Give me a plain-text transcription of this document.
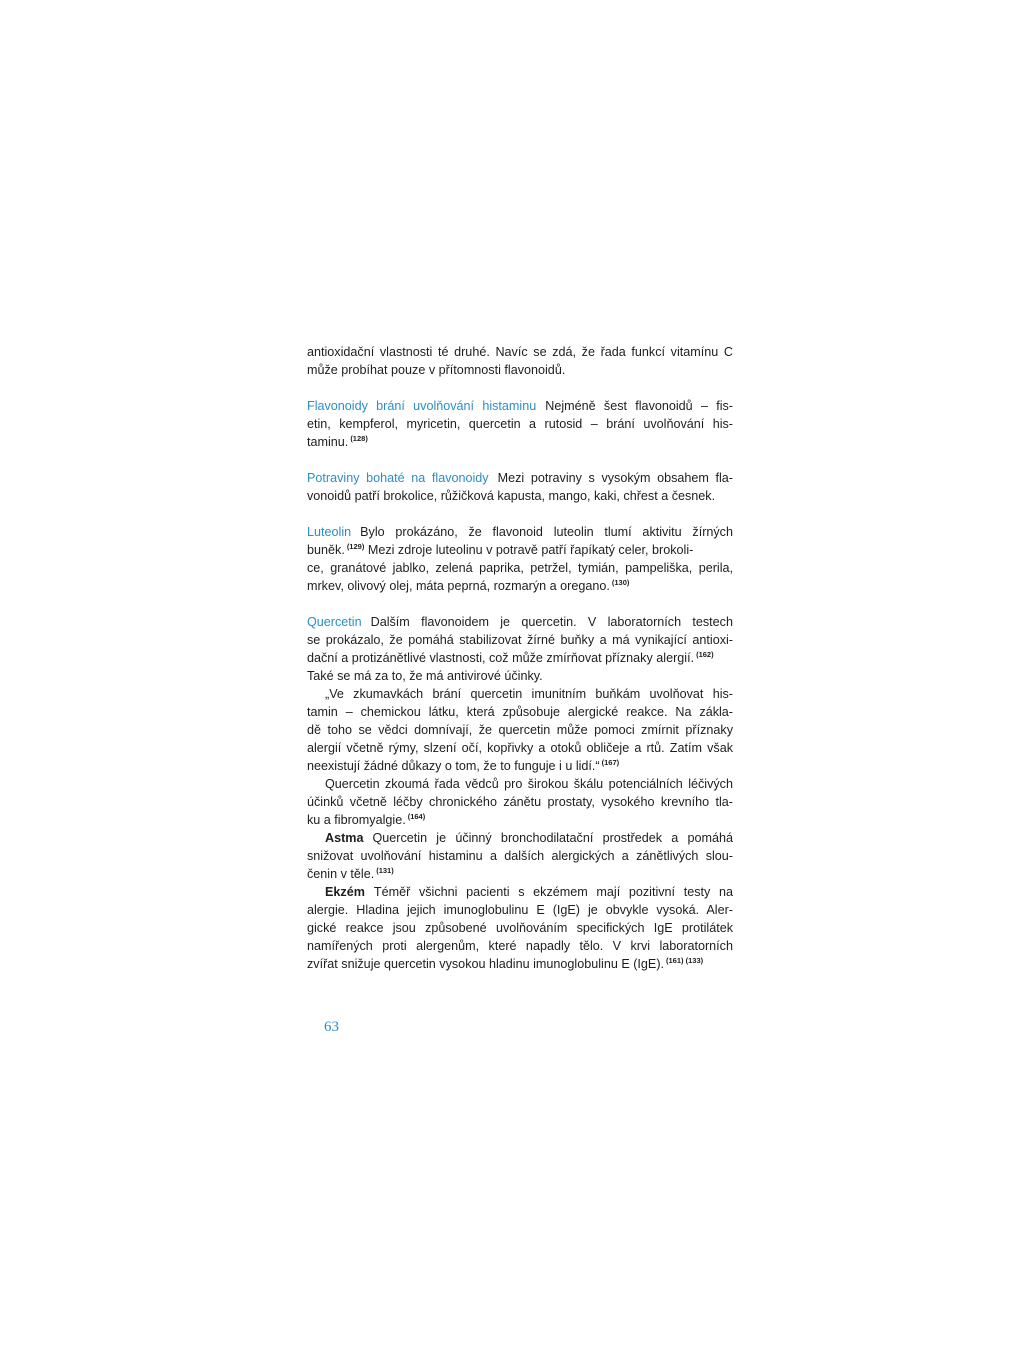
antioxidační vlastnosti té druhé. Navíc se zdá, že řada funkcí vitamínu C
může probíhat pouze v přítomnosti flavonoidů.
Flavonoidy brání uvolňování histaminu Nejméně šest flavonoidů – fis-
etin, kempferol, myricetin, quercetin a rutosid – brání uvolňování his-
taminu. $^{(128)}$
Potraviny bohaté na flavonoidy Mezi potraviny s vysokým obsahem fla-
vonoidů patří brokolice, růžičková kapusta, mango, kaki, chřest a česnek.
Luteolin Bylo prokázáno, že flavonoid luteolin tlumí aktivitu žírných
buněk. $^{(129)}$ Mezi zdroje luteolinu v potravě patří řapíkatý celer, brokoli-
ce, granátové jablko, zelená paprika, petržel, tymián, pampeliška, perila,
mrkev, olivový olej, máta peprná, rozmarýn a oregano. $^{(130)}$
Quercetin Dalším flavonoidem je quercetin. V laboratorních testech
se prokázalo, že pomáhá stabilizovat žírné buňky a má vynikající antioxi-
dační a protizánětlivé vlastnosti, což může zmírňovat příznaky alergií. $^{(162)}$
Také se má za to, že má antivirové účinky.
„Ve zkumavkách brání quercetin imunitním buňkám uvolňovat his-
tamin – chemickou látku, která způsobuje alergické reakce. Na zákla-
dě toho se vědci domnívají, že quercetin může pomoci zmírnit příznaky
alergií včetně rýmy, slzení očí, kopřivky a otoků obličeje a rtů. Zatím však
neexistují žádné důkazy o tom, že to funguje i u lidí.“ $^{(167)}$
Quercetin zkoumá řada vědců pro širokou škálu potenciálních léčivých
účinků včetně léčby chronického zánětu prostaty, vysokého krevního tla-
ku a fibromyalgie. $^{(164)}$
Astma Quercetin je účinný bronchodilatační prostředek a pomáhá
snižovat uvolňování histaminu a dalších alergických a zánětlivých slou-
čenin v těle. $^{(131)}$
Ekzém Téměř všichni pacienti s ekzémem mají pozitivní testy na
alergie. Hladina jejich imunoglobulinu E (IgE) je obvykle vysoká. Aler-
gické reakce jsou způsobené uvolňováním specifických IgE protilátek
namířených proti alergenům, které napadly tělo. V krvi laboratorních
zvířat snižuje quercetin vysokou hladinu imunoglobulinu E (IgE). $^{(161) (133)}$
63
